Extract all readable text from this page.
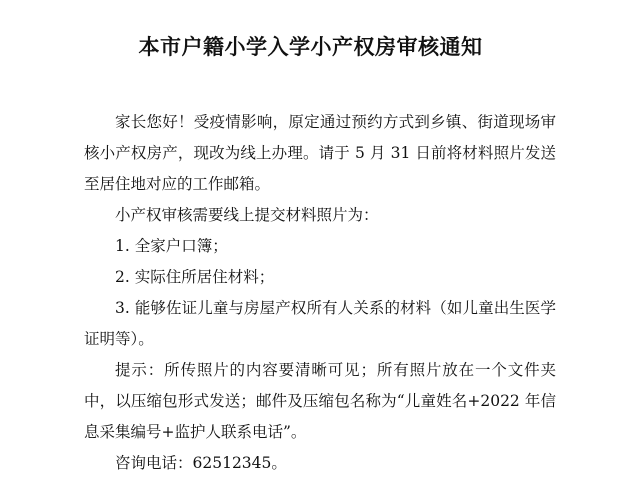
本市户籍小学入学小产权房审核通知

家长您好！受疫情影响，原定通过预约方式到乡镇、街道现场审核小产权房产，现改为线上办理。请于 5 月 31 日前将材料照片发送至居住地对应的工作邮箱。

小产权审核需要线上提交材料照片为：

1. 全家户口簿；

2. 实际住所居住材料；

3. 能够佐证儿童与房屋产权所有人关系的材料（如儿童出生医学证明等）。

提示：所传照片的内容要清晰可见；所有照片放在一个文件夹中，以压缩包形式发送；邮件及压缩包名称为“儿童姓名+2022 年信息采集编号+监护人联系电话”。

咨询电话：62512345。
